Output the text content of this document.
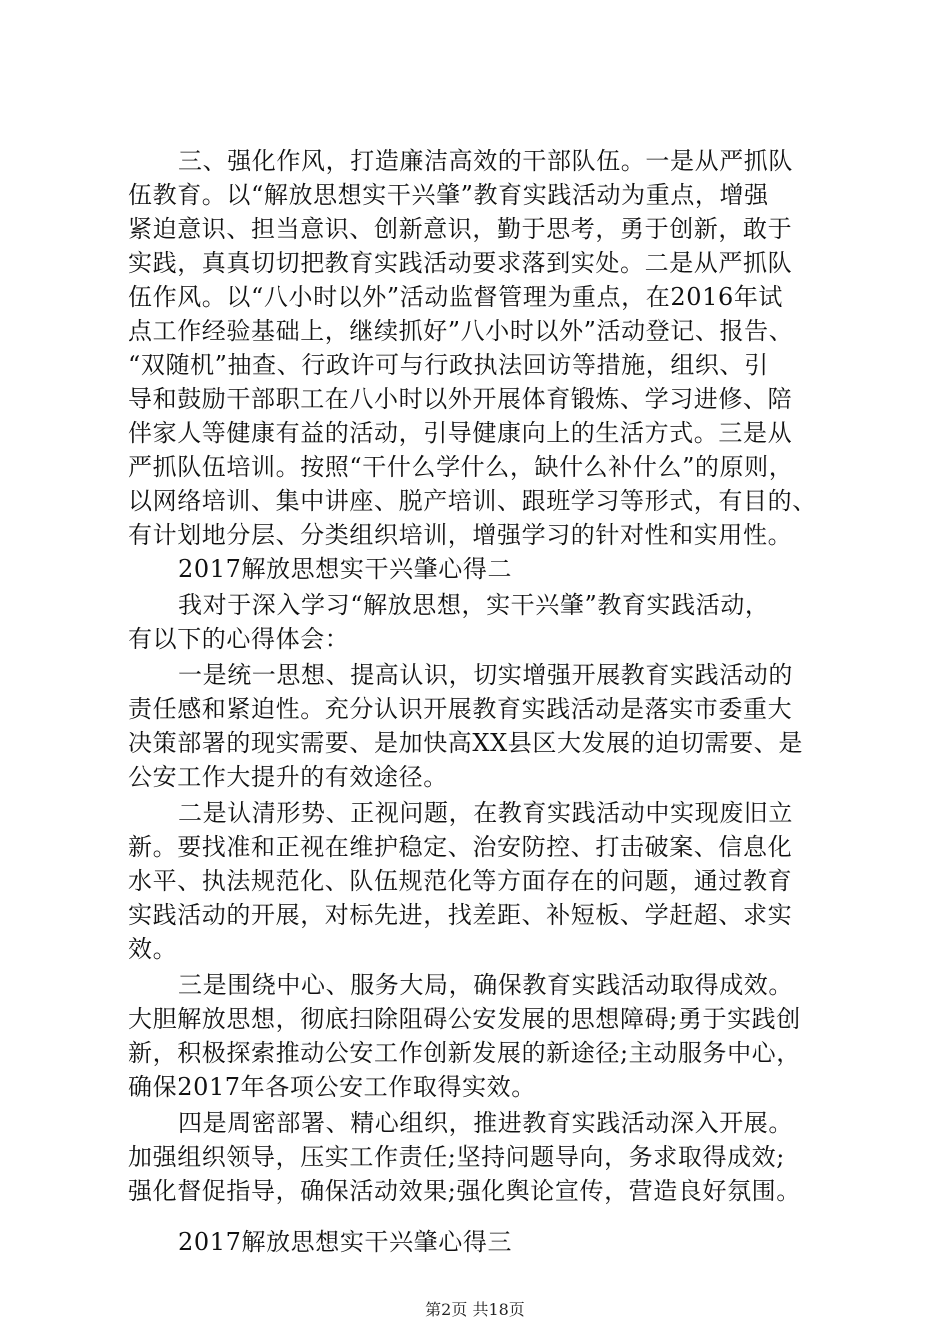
三、强化作风，打造廉洁高效的干部队伍。一是从严抓队
伍教育。以“解放思想实干兴肇”教育实践活动为重点，增强
紧迫意识、担当意识、创新意识，勤于思考，勇于创新，敢于
实践，真真切切把教育实践活动要求落到实处。二是从严抓队
伍作风。以“八小时以外”活动监督管理为重点，在2016年试
点工作经验基础上，继续抓好”八小时以外”活动登记、报告、
“双随机”抽查、行政许可与行政执法回访等措施，组织、引
导和鼓励干部职工在八小时以外开展体育锻炼、学习进修、陪
伴家人等健康有益的活动，引导健康向上的生活方式。三是从
严抓队伍培训。按照“干什么学什么，缺什么补什么”的原则，
以网络培训、集中讲座、脱产培训、跟班学习等形式，有目的、
有计划地分层、分类组织培训，增强学习的针对性和实用性。
2017解放思想实干兴肇心得二
我对于深入学习“解放思想，实干兴肇”教育实践活动，
有以下的心得体会：
一是统一思想、提高认识，切实增强开展教育实践活动的
责任感和紧迫性。充分认识开展教育实践活动是落实市委重大
决策部署的现实需要、是加快高XX县区大发展的迫切需要、是
公安工作大提升的有效途径。
二是认清形势、正视问题，在教育实践活动中实现废旧立
新。要找准和正视在维护稳定、治安防控、打击破案、信息化
水平、执法规范化、队伍规范化等方面存在的问题，通过教育
实践活动的开展，对标先进，找差距、补短板、学赶超、求实
效。
三是围绕中心、服务大局，确保教育实践活动取得成效。
大胆解放思想，彻底扫除阻碍公安发展的思想障碍;勇于实践创
新，积极探索推动公安工作创新发展的新途径;主动服务中心，
确保2017年各项公安工作取得实效。
四是周密部署、精心组织，推进教育实践活动深入开展。
加强组织领导，压实工作责任;坚持问题导向，务求取得成效;
强化督促指导，确保活动效果;强化舆论宣传，营造良好氛围。
2017解放思想实干兴肇心得三
第2页 共18页
